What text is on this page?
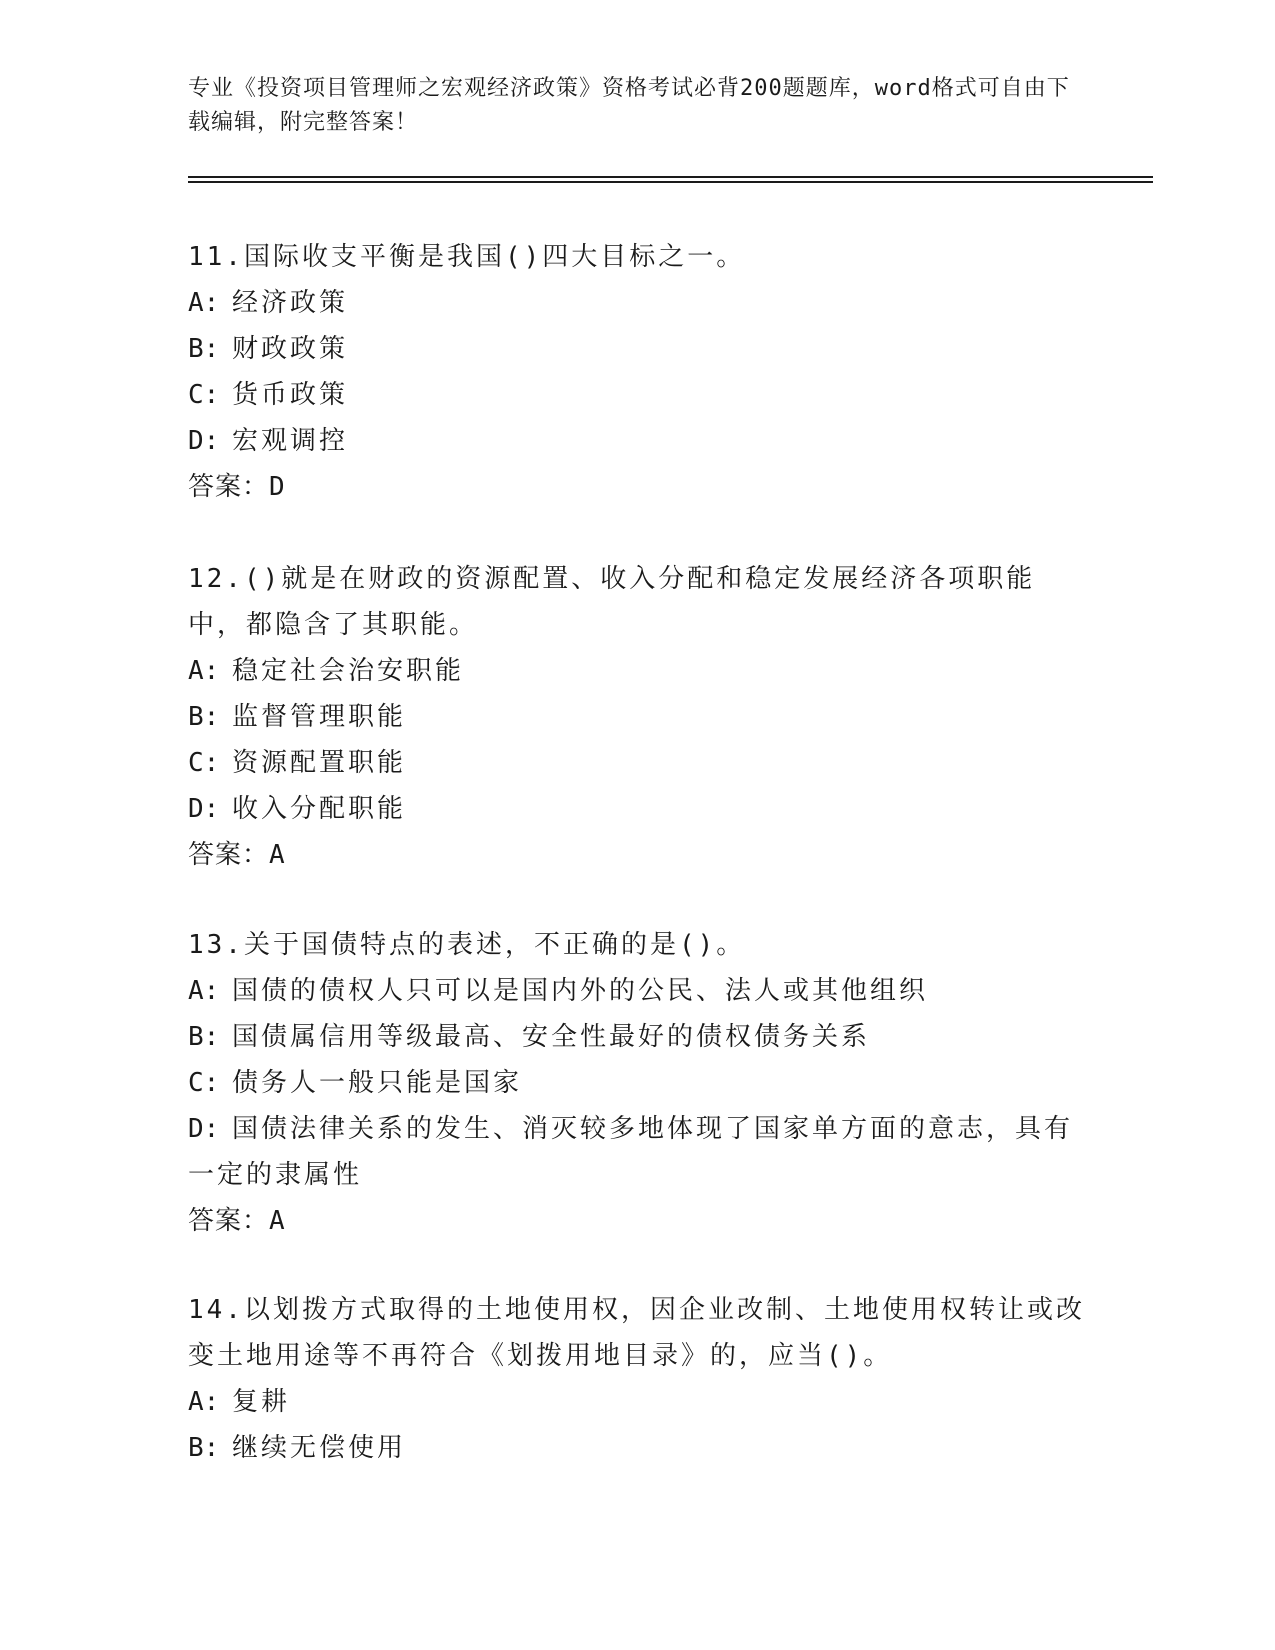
专业《投资项目管理师之宏观经济政策》资格考试必背200题题库，word格式可自由下载编辑，附完整答案！
11.国际收支平衡是我国()四大目标之一。
A: 经济政策
B: 财政政策
C: 货币政策
D: 宏观调控
答案：D
12.()就是在财政的资源配置、收入分配和稳定发展经济各项职能中，都隐含了其职能。
A: 稳定社会治安职能
B: 监督管理职能
C: 资源配置职能
D: 收入分配职能
答案：A
13.关于国债特点的表述，不正确的是()。
A: 国债的债权人只可以是国内外的公民、法人或其他组织
B: 国债属信用等级最高、安全性最好的债权债务关系
C: 债务人一般只能是国家
D: 国债法律关系的发生、消灭较多地体现了国家单方面的意志，具有一定的隶属性
答案：A
14.以划拨方式取得的土地使用权，因企业改制、土地使用权转让或改变土地用途等不再符合《划拨用地目录》的，应当()。
A: 复耕
B: 继续无偿使用
